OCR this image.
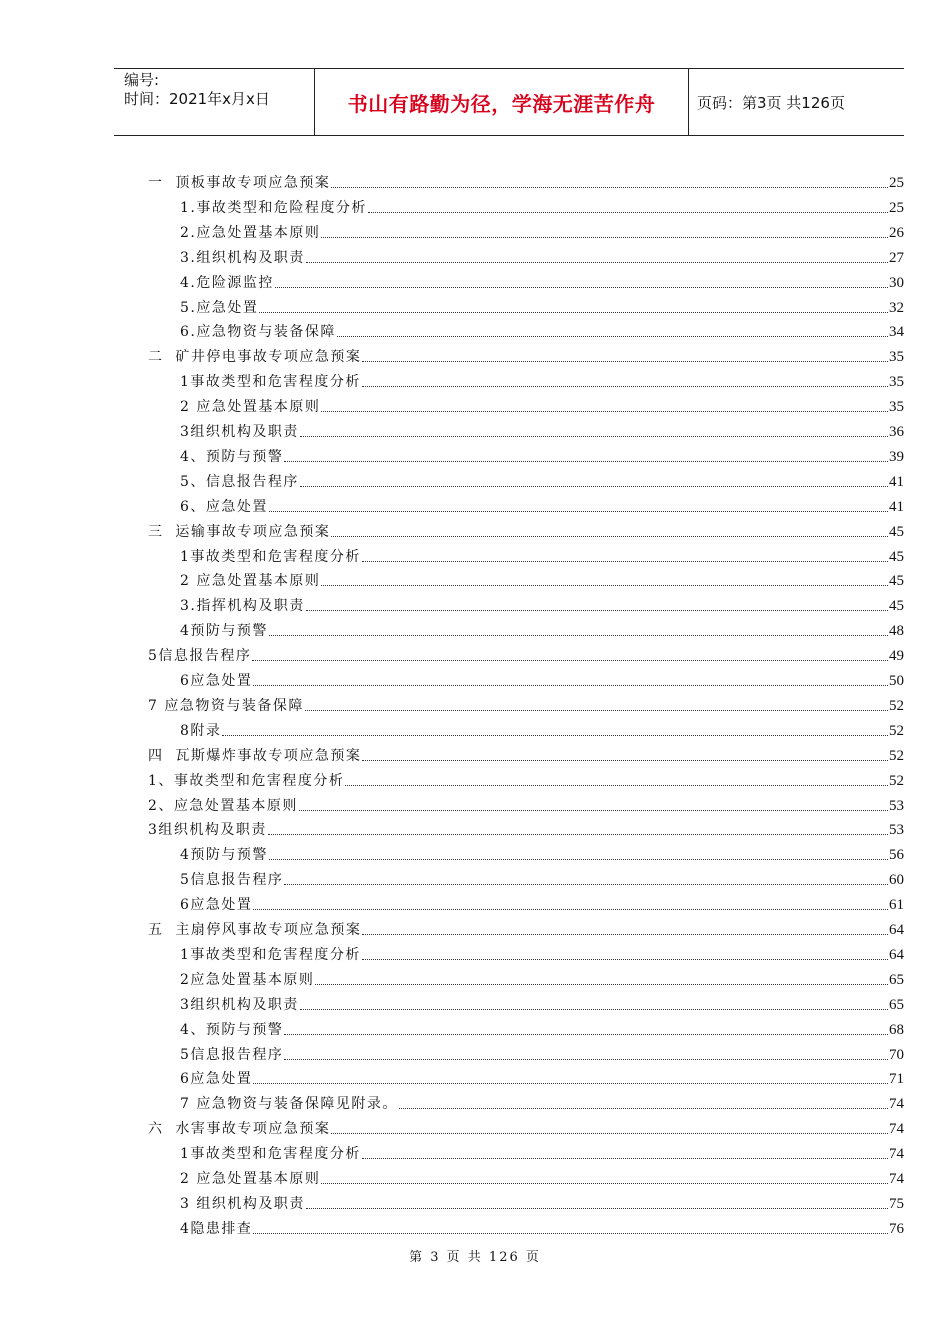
编号:
时间：2021年x月x日	书山有路勤为径，学海无涯苦作舟	页码：第3页 共126页
一  顶板事故专项应急预案	25
1.事故类型和危险程度分析	25
2.应急处置基本原则	26
3.组织机构及职责	27
4.危险源监控	30
5.应急处置	32
6.应急物资与装备保障	34
二  矿井停电事故专项应急预案	35
1事故类型和危害程度分析	35
2 应急处置基本原则	35
3组织机构及职责	36
4、预防与预警	39
5、信息报告程序	41
6、应急处置	41
三  运输事故专项应急预案	45
1事故类型和危害程度分析	45
2 应急处置基本原则	45
3.指挥机构及职责	45
4预防与预警	48
5信息报告程序	49
6应急处置	50
7 应急物资与装备保障	52
8附录	52
四  瓦斯爆炸事故专项应急预案	52
1、事故类型和危害程度分析	52
2、应急处置基本原则	53
3组织机构及职责	53
4预防与预警	56
5信息报告程序	60
6应急处置	61
五  主扇停风事故专项应急预案	64
1事故类型和危害程度分析	64
2应急处置基本原则	65
3组织机构及职责	65
4、预防与预警	68
5信息报告程序	70
6应急处置	71
7 应急物资与装备保障见附录。	74
六  水害事故专项应急预案	74
1事故类型和危害程度分析	74
2 应急处置基本原则	74
3 组织机构及职责	75
4隐患排查	76
第 3 页 共 126 页
